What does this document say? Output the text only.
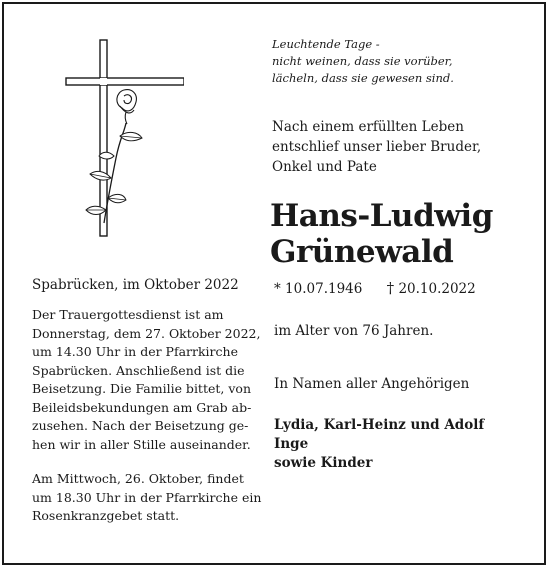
Leuchtende Tage -
nicht weinen, dass sie vorüber,
lächeln, dass sie gewesen sind.
Nach einem erfüllten Leben
entschlief unser lieber Bruder,
Onkel und Pate
Hans-Ludwig
Grünewald
* 10.07.1946 † 20.10.2022
im Alter von 76 Jahren.
In Namen aller Angehörigen
Lydia, Karl-Heinz und Adolf
Inge
sowie Kinder
Spabrücken, im Oktober 2022
Der Trauergottesdienst ist am
Donnerstag, dem 27. Oktober 2022,
um 14.30 Uhr in der Pfarrkirche
Spabrücken. Anschließend ist die
Beisetzung. Die Familie bittet, von
Beileidsbekundungen am Grab ab-
zusehen. Nach der Beisetzung ge-
hen wir in aller Stille auseinander.
Am Mittwoch, 26. Oktober, findet
um 18.30 Uhr in der Pfarrkirche ein
Rosenkranzgebet statt.
